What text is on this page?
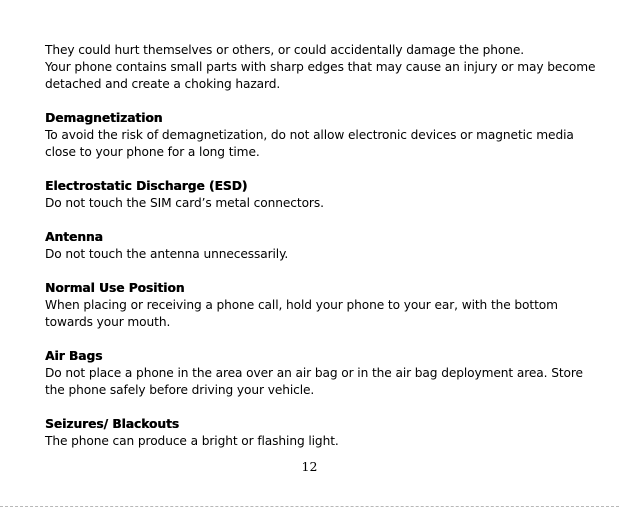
They could hurt themselves or others, or could accidentally damage the phone.

Your phone contains small parts with sharp edges that may cause an injury or may become detached and create a choking hazard.

Demagnetization

To avoid the risk of demagnetization, do not allow electronic devices or magnetic media close to your phone for a long time.

Electrostatic Discharge (ESD)

Do not touch the SIM card’s metal connectors.

Antenna

Do not touch the antenna unnecessarily.

Normal Use Position

When placing or receiving a phone call, hold your phone to your ear, with the bottom towards your mouth.

Air Bags

Do not place a phone in the area over an air bag or in the air bag deployment area. Store the phone safely before driving your vehicle.

Seizures/ Blackouts

The phone can produce a bright or flashing light.

12
